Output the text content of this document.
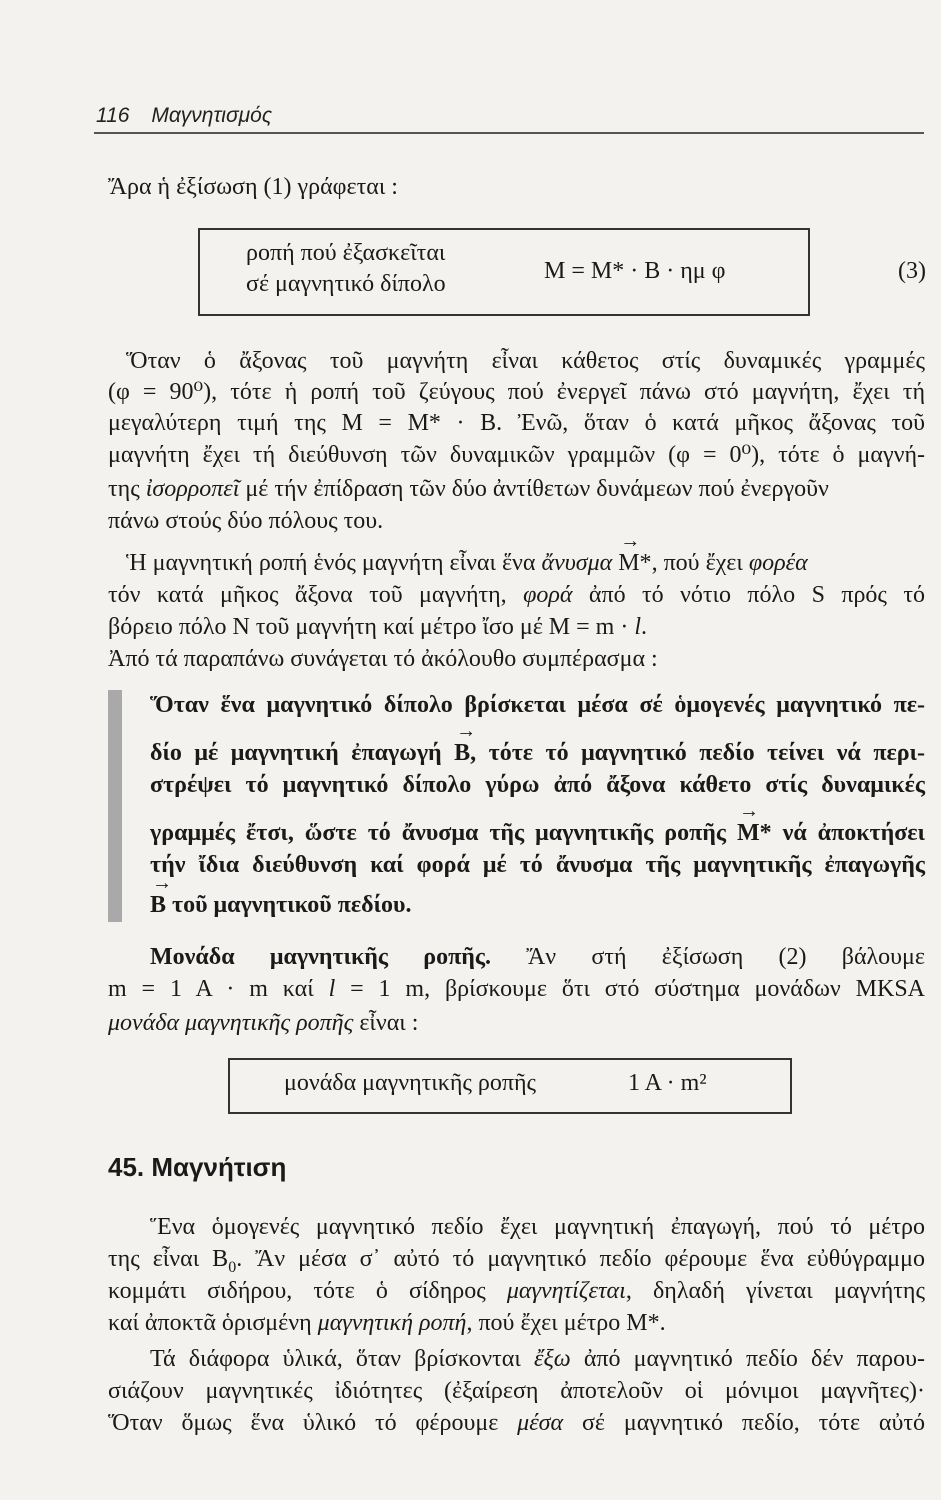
116 Μαγνητισμός
Ἄρα ἡ ἐξίσωση (1) γράφεται :
ροπή πού ἐξασκεῖται
σέ μαγνητικό δίπολο	M = M* · B · ημ φ	(3)
Ὅταν ὁ ἄξονας τοῦ μαγνήτη εἶναι κάθετος στίς δυναμικές γραμμές
(φ = 90⁰), τότε ἡ ροπή τοῦ ζεύγους πού ἐνεργεῖ πάνω στό μαγνήτη, ἔχει τή
μεγαλύτερη τιμή της M = M* · B. Ἐνῶ, ὅταν ὁ κατά μῆκος ἄξονας τοῦ
μαγνήτη ἔχει τή διεύθυνση τῶν δυναμικῶν γραμμῶν (φ = 0⁰), τότε ὁ μαγνή-
της ἰσορροπεῖ μέ τήν ἐπίδραση τῶν δύο ἀντίθετων δυνάμεων πού ἐνεργοῦν
πάνω στούς δύο πόλους του.
Ἡ μαγνητική ροπή ἑνός μαγνήτη εἶναι ἕνα ἄνυσμα → M*, πού ἔχει φορέα
τόν κατά μῆκος ἄξονα τοῦ μαγνήτη, φορά ἀπό τό νότιο πόλο S πρός τό
βόρειο πόλο N τοῦ μαγνήτη καί μέτρο ἴσο μέ M = m · l.
Ἀπό τά παραπάνω συνάγεται τό ἀκόλουθο συμπέρασμα :
Ὅταν ἕνα μαγνητικό δίπολο βρίσκεται μέσα σέ ὁμογενές μαγνητικό πε-
δίο μέ μαγνητική ἐπαγωγή → B, τότε τό μαγνητικό πεδίο τείνει νά περι-
στρέψει τό μαγνητικό δίπολο γύρω ἀπό ἄξονα κάθετο στίς δυναμικές
γραμμές ἔτσι, ὥστε τό ἄνυσμα τῆς μαγνητικῆς ροπῆς → M* νά ἀποκτήσει
τήν ἴδια διεύθυνση καί φορά μέ τό ἄνυσμα τῆς μαγνητικῆς ἐπαγωγῆς
→ B τοῦ μαγνητικοῦ πεδίου.
Μονάδα μαγνητικῆς ροπῆς. Ἄν στή ἐξίσωση (2) βάλουμε
m = 1 A · m καί l = 1 m, βρίσκουμε ὅτι στό σύστημα μονάδων MKSA
μονάδα μαγνητικῆς ροπῆς εἶναι :
μονάδα μαγνητικῆς ροπῆς	1 A · m²
45. Μαγνήτιση
Ἕνα ὁμογενές μαγνητικό πεδίο ἔχει μαγνητική ἐπαγωγή, πού τό μέτρο
της εἶναι $B_0$. Ἄν μέσα σ᾽ αὐτό τό μαγνητικό πεδίο φέρουμε ἕνα εὐθύγραμμο
κομμάτι σιδήρου, τότε ὁ σίδηρος μαγνητίζεται, δηλαδή γίνεται μαγνήτης
καί ἀποκτᾶ ὁρισμένη μαγνητική ροπή, πού ἔχει μέτρο M*.
Τά διάφορα ὑλικά, ὅταν βρίσκονται ἔξω ἀπό μαγνητικό πεδίο δέν παρου-
σιάζουν μαγνητικές ἰδιότητες (ἐξαίρεση ἀποτελοῦν οἱ μόνιμοι μαγνῆτες)·
Ὅταν ὅμως ἕνα ὑλικό τό φέρουμε μέσα σέ μαγνητικό πεδίο, τότε αὐτό
